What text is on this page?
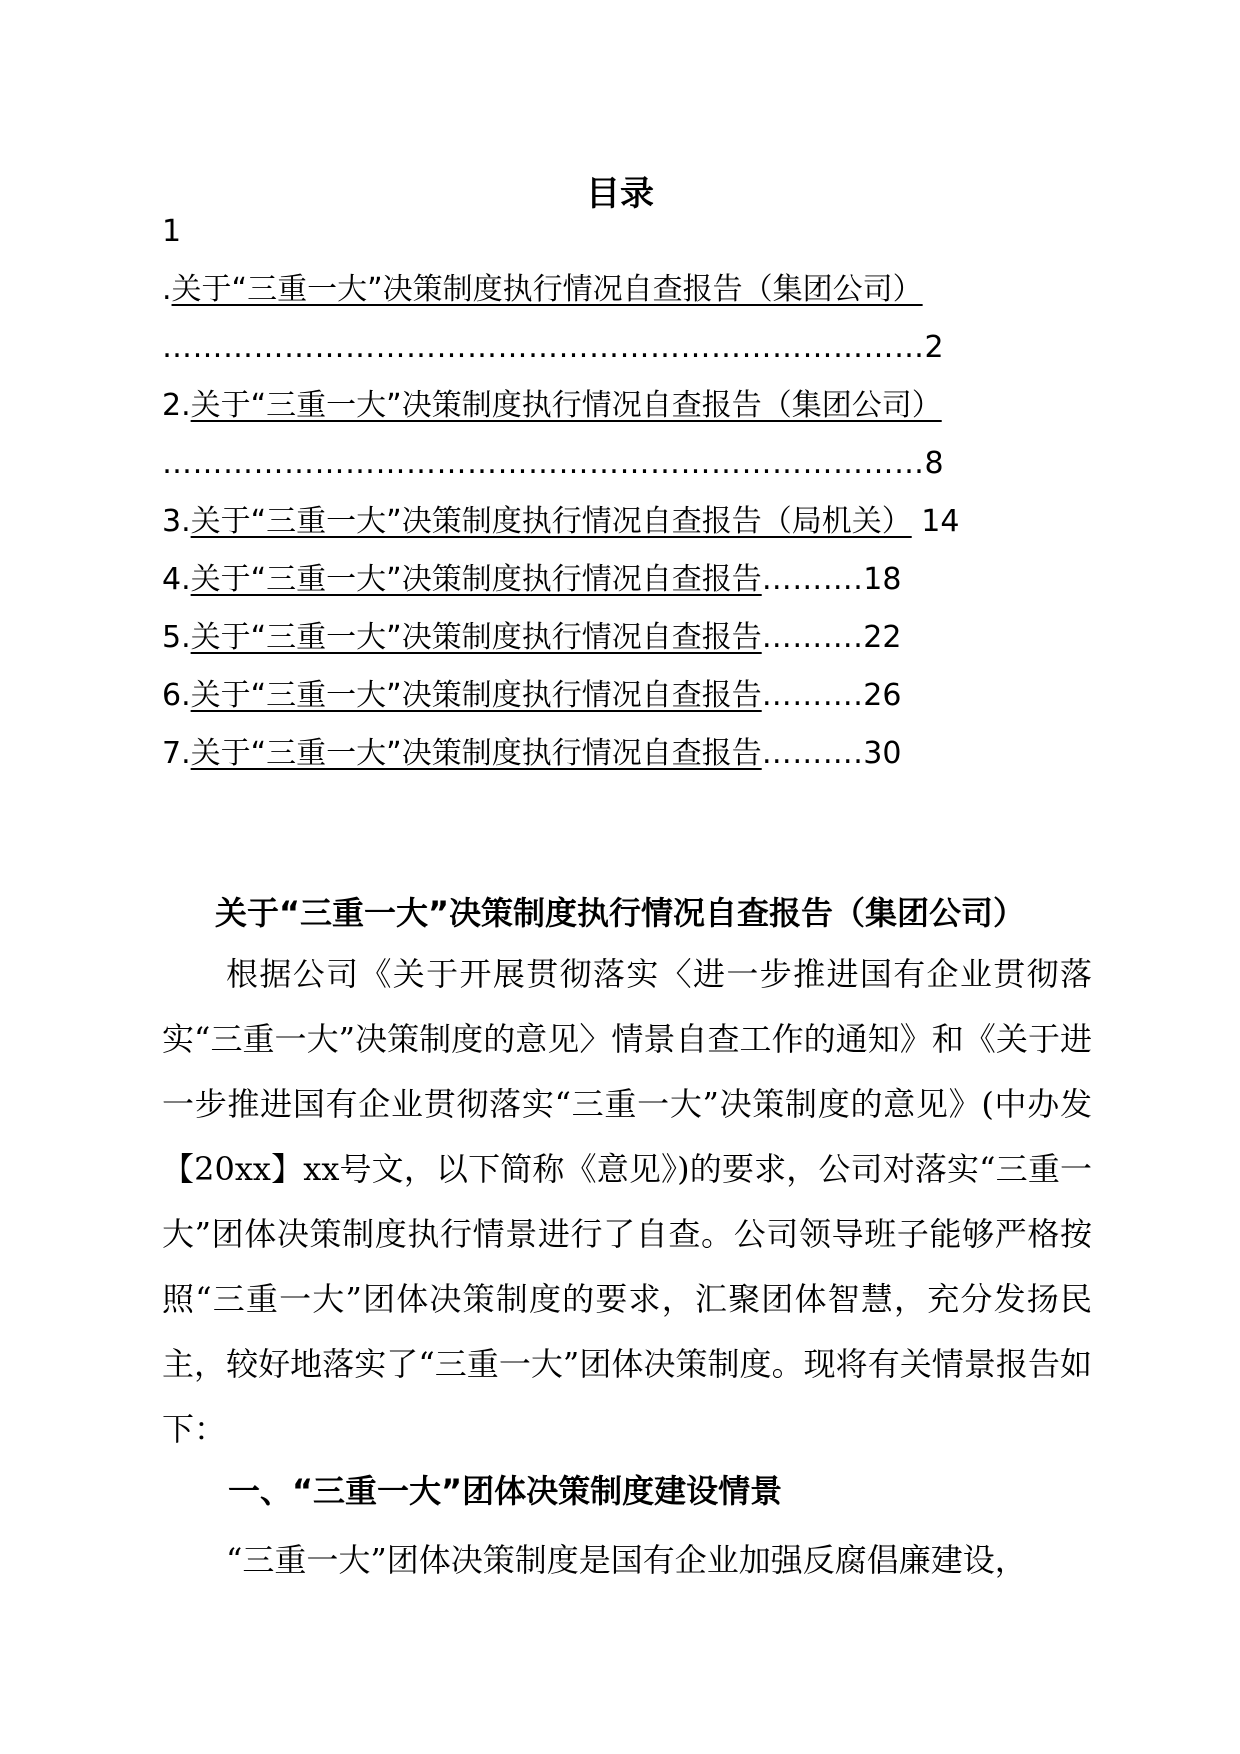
目录
1
.关于“三重一大”决策制度执行情况自查报告（集团公司）
…………………………………………………………………2
2.关于“三重一大”决策制度执行情况自查报告（集团公司）
…………………………………………………………………8
3.关于“三重一大”决策制度执行情况自查报告（局机关） 14
4.关于“三重一大”决策制度执行情况自查报告……….18
5.关于“三重一大”决策制度执行情况自查报告……….22
6.关于“三重一大”决策制度执行情况自查报告……….26
7.关于“三重一大”决策制度执行情况自查报告……….30
关于“三重一大”决策制度执行情况自查报告（集团公司）

根据公司《关于开展贯彻落实〈进一步推进国有企业贯彻落实“三重一大”决策制度的意见〉情景自查工作的通知》和《关于进一步推进国有企业贯彻落实“三重一大”决策制度的意见》(中办发【20xx】xx号文，以下简称《意见》)的要求，公司对落实“三重一大”团体决策制度执行情景进行了自查。公司领导班子能够严格按照“三重一大”团体决策制度的要求，汇聚团体智慧，充分发扬民主，较好地落实了“三重一大”团体决策制度。现将有关情景报告如下：

一、“三重一大”团体决策制度建设情景

“三重一大”团体决策制度是国有企业加强反腐倡廉建设，
